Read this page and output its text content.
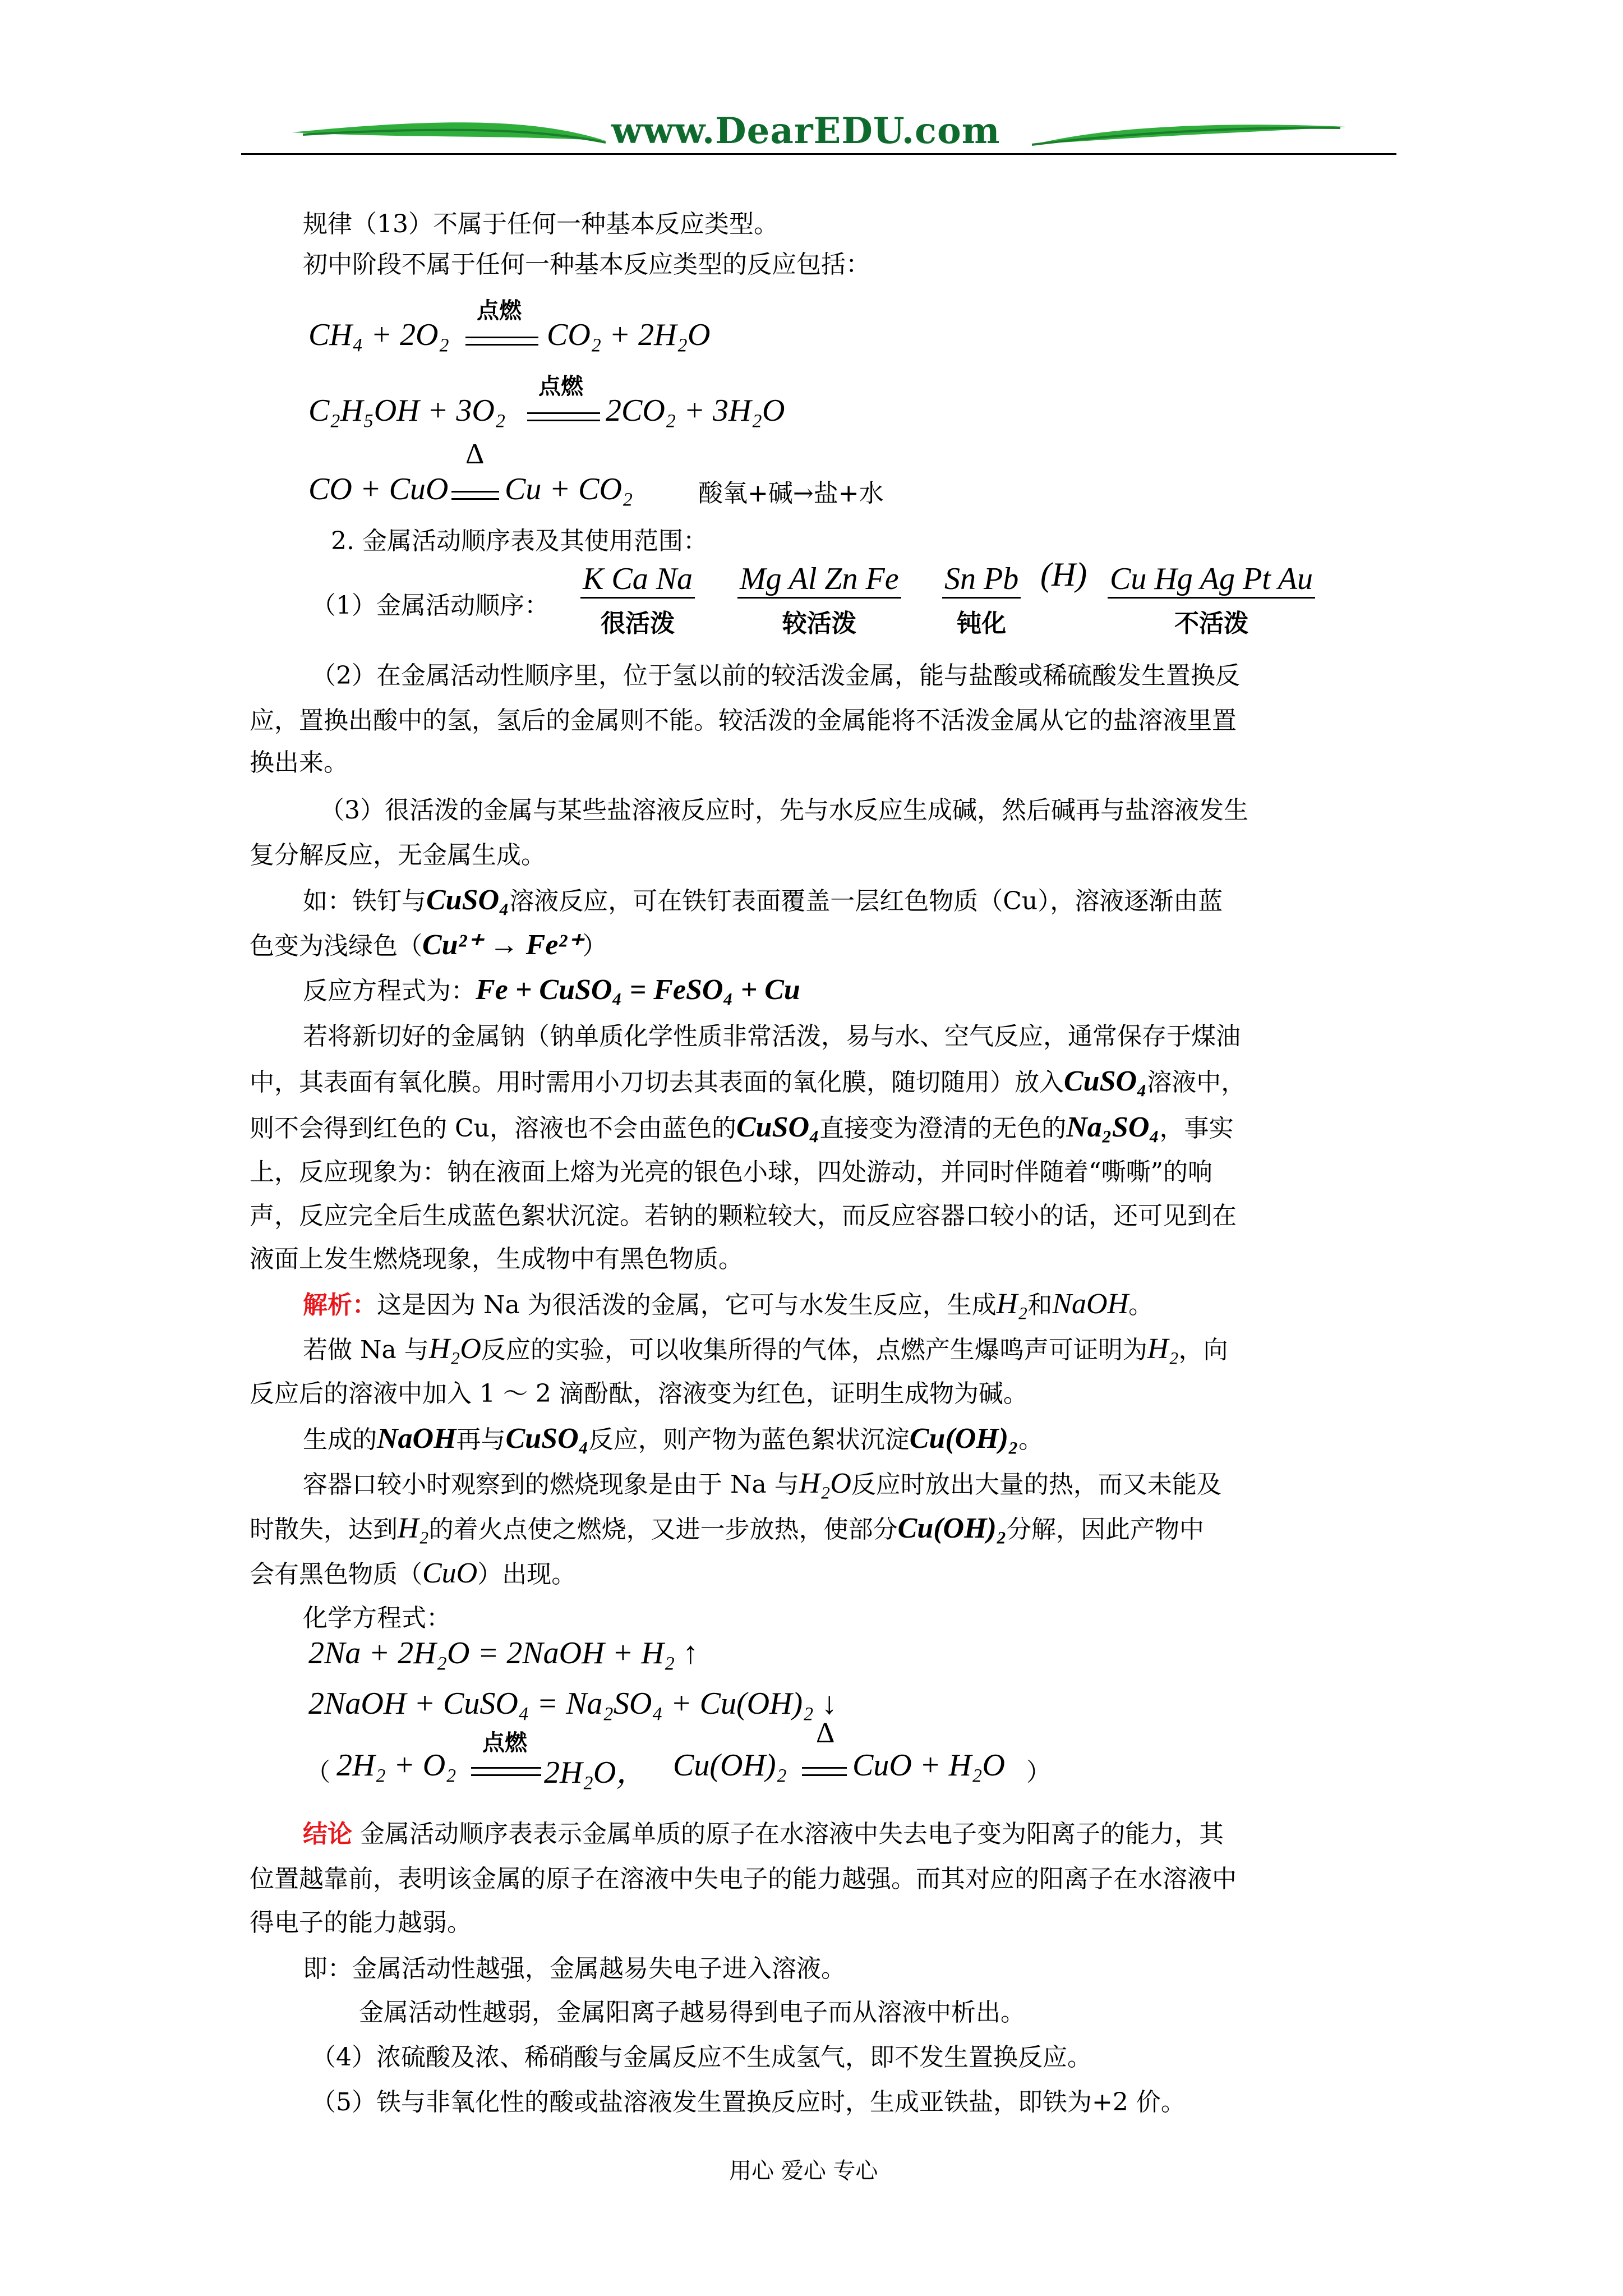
www.DearEDU.com
规律（13）不属于任何一种基本反应类型。
初中阶段不属于任何一种基本反应类型的反应包括：
CH₄ + 2O₂
点燃
CO₂ + 2H₂O
C₂H₅OH + 3O₂
点燃
2CO₂ + 3H₂O
CO + CuO
Δ
Cu + CO₂	酸氧+碱→盐+水
2. 金属活动顺序表及其使用范围：
（1）金属活动顺序：
K Ca Na
很活泼
Mg Al Zn Fe
较活泼
Sn Pb
钝化
(H) Cu Hg Ag Pt Au
不活泼
（2）在金属活动性顺序里，位于氢以前的较活泼金属，能与盐酸或稀硫酸发生置换反
应，置换出酸中的氢，氢后的金属则不能。较活泼的金属能将不活泼金属从它的盐溶液里置
换出来。
（3）很活泼的金属与某些盐溶液反应时，先与水反应生成碱，然后碱再与盐溶液发生
复分解反应，无金属生成。
如：铁钉与CuSO₄溶液反应，可在铁钉表面覆盖一层红色物质（Cu），溶液逐渐由蓝
色变为浅绿色（Cu²⁺ → Fe²⁺）
反应方程式为：Fe + CuSO₄ = FeSO₄ + Cu
若将新切好的金属钠（钠单质化学性质非常活泼，易与水、空气反应，通常保存于煤油
中，其表面有氧化膜。用时需用小刀切去其表面的氧化膜，随切随用）放入CuSO₄溶液中，
则不会得到红色的 Cu，溶液也不会由蓝色的CuSO₄直接变为澄清的无色的Na₂SO₄，事实
上，反应现象为：钠在液面上熔为光亮的银色小球，四处游动，并同时伴随着“嘶嘶”的响
声，反应完全后生成蓝色絮状沉淀。若钠的颗粒较大，而反应容器口较小的话，还可见到在
液面上发生燃烧现象，生成物中有黑色物质。
解析：这是因为 Na 为很活泼的金属，它可与水发生反应，生成H₂和NaOH。
若做 Na 与H₂O反应的实验，可以收集所得的气体，点燃产生爆鸣声可证明为H₂，向
反应后的溶液中加入 1 ～ 2 滴酚酞，溶液变为红色，证明生成物为碱。
生成的NaOH再与CuSO₄反应，则产物为蓝色絮状沉淀Cu(OH)₂。
容器口较小时观察到的燃烧现象是由于 Na 与H₂O反应时放出大量的热，而又未能及
时散失，达到H₂的着火点使之燃烧，又进一步放热，使部分Cu(OH)₂分解，因此产物中
会有黑色物质（CuO）出现。
化学方程式：
2Na + 2H₂O = 2NaOH + H₂ ↑
2NaOH + CuSO₄ = Na₂SO₄ + Cu(OH)₂ ↓
（ 2H₂ + O₂
点燃
2H₂O， Cu(OH)₂
Δ
CuO + H₂O ）
结论 金属活动顺序表表示金属单质的原子在水溶液中失去电子变为阳离子的能力，其
位置越靠前，表明该金属的原子在溶液中失电子的能力越强。而其对应的阳离子在水溶液中
得电子的能力越弱。
即：金属活动性越强，金属越易失电子进入溶液。
金属活动性越弱，金属阳离子越易得到电子而从溶液中析出。
（4）浓硫酸及浓、稀硝酸与金属反应不生成氢气，即不发生置换反应。
（5）铁与非氧化性的酸或盐溶液发生置换反应时，生成亚铁盐，即铁为+2 价。
用心 爱心 专心
